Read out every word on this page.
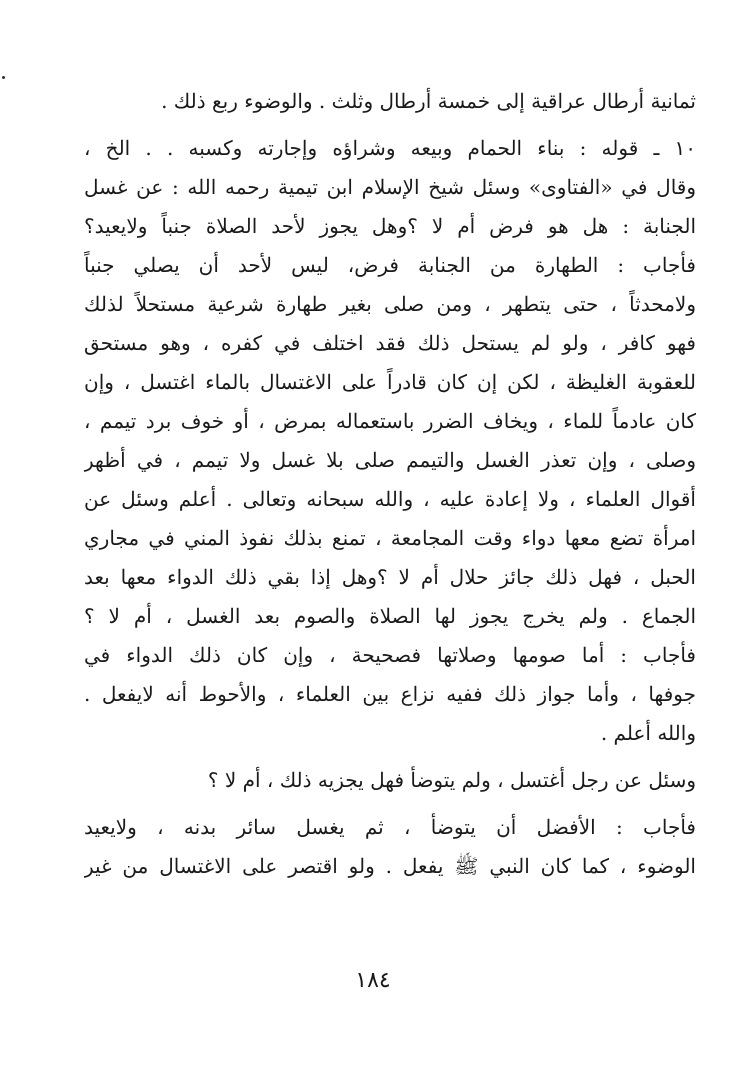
ثمانية أرطال عراقية إلى خمسة أرطال وثلث . والوضوء ربع ذلك .
١٠ ـ قوله : بناء الحمام وبيعه وشراؤه وإجارته وكسبه . . الخ ،
وقال في «الفتاوى» وسئل شيخ الإسلام ابن تيمية رحمه الله : عن غسل
الجنابة : هل هو فرض أم لا ؟وهل يجوز لأحد الصلاة جنباً ولايعيد؟
فأجاب : الطهارة من الجنابة فرض، ليس لأحد أن يصلي جنباً
ولامحدثاً ، حتى يتطهر ، ومن صلى بغير طهارة شرعية مستحلاً لذلك
فهو كافر ، ولو لم يستحل ذلك فقد اختلف في كفره ، وهو مستحق
للعقوبة الغليظة ، لكن إن كان قادراً على الاغتسال بالماء اغتسل ، وإن
كان عادماً للماء ، ويخاف الضرر باستعماله بمرض ، أو خوف برد تيمم ،
وصلى ، وإن تعذر الغسل والتيمم صلى بلا غسل ولا تيمم ، في أظهر
أقوال العلماء ، ولا إعادة عليه ، والله سبحانه وتعالى . أعلم وسئل عن
امرأة تضع معها دواء وقت المجامعة ، تمنع بذلك نفوذ المني في مجاري
الحبل ، فهل ذلك جائز حلال أم لا ؟وهل إذا بقي ذلك الدواء معها بعد
الجماع . ولم يخرج يجوز لها الصلاة والصوم بعد الغسل ، أم لا ؟
فأجاب : أما صومها وصلاتها فصحيحة ، وإن كان ذلك الدواء في
جوفها ، وأما جواز ذلك ففيه نزاع بين العلماء ، والأحوط أنه لايفعل .
والله أعلم .
وسئل عن رجل أغتسل ، ولم يتوضأ فهل يجزيه ذلك ، أم لا ؟
فأجاب : الأفضل أن يتوضأ ، ثم يغسل سائر بدنه ، ولايعيد
الوضوء ، كما كان النبي ﷺ يفعل . ولو اقتصر على الاغتسال من غير
١٨٤
